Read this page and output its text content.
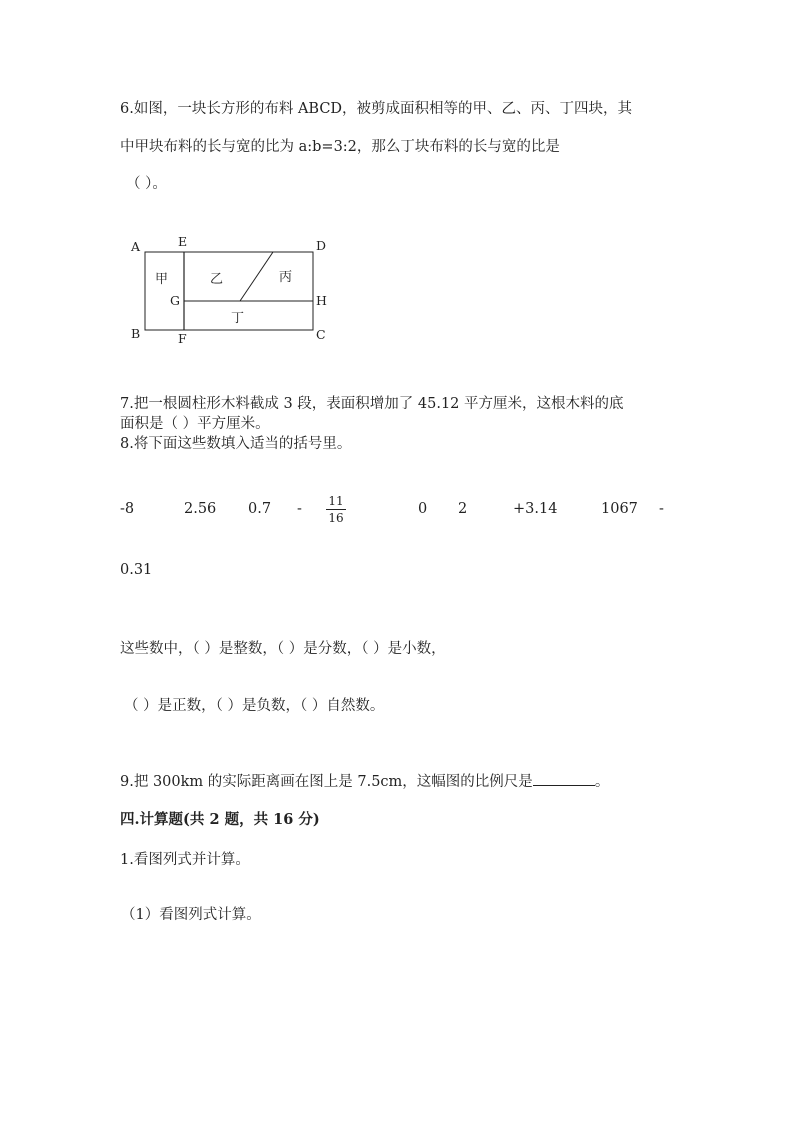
6.如图，一块长方形的布料 ABCD，被剪成面积相等的甲、乙、丙、丁四块，其
中甲块布料的长与宽的比为 a:b=3:2，那么丁块布料的长与宽的比是
（ ）。
A
B	C
D
E
F
G	H
甲	乙	丙
丁
7.把一根圆柱形木料截成 3 段，表面积增加了 45.12 平方厘米，这根木料的底
面积是（ ）平方厘米。
8.将下面这些数填入适当的括号里。
-8	2.56 0.7 - 11
16
0 2	+3.14	1067 -
0.31
这些数中，（ ）是整数，（ ）是分数，（ ）是小数，
（ ）是正数，（ ）是负数，（ ）自然数。
9.把 300km 的实际距离画在图上是 7.5cm，这幅图的比例尺是	。
四.计算题(共 2 题，共 16 分)
1.看图列式并计算。
（1）看图列式计算。
